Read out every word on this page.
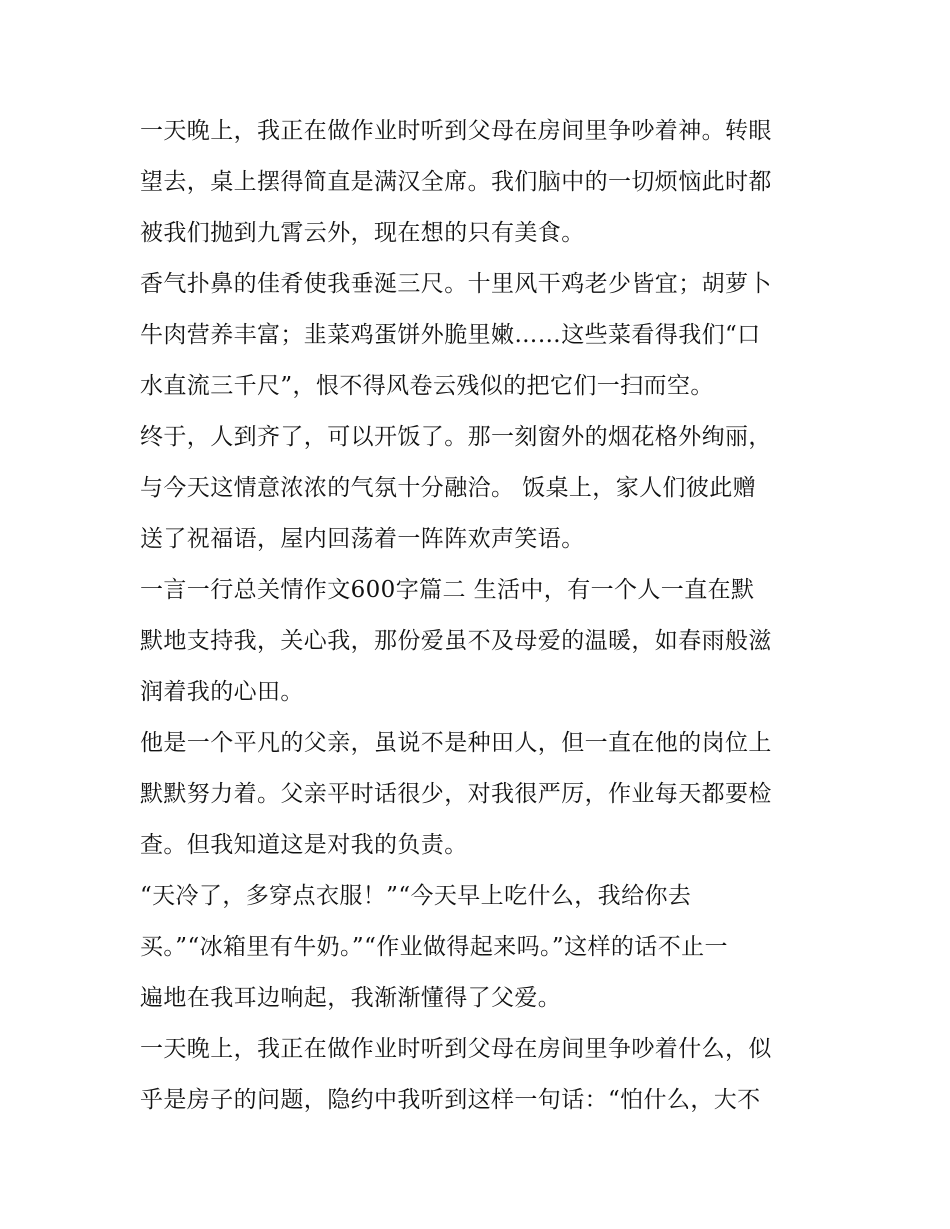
一天晚上，我正在做作业时听到父母在房间里争吵着神。转眼
望去，桌上摆得简直是满汉全席。我们脑中的一切烦恼此时都
被我们抛到九霄云外，现在想的只有美食。
香气扑鼻的佳肴使我垂涎三尺。十里风干鸡老少皆宜；胡萝卜
牛肉营养丰富；韭菜鸡蛋饼外脆里嫩……这些菜看得我们“口
水直流三千尺”，恨不得风卷云残似的把它们一扫而空。
终于，人到齐了，可以开饭了。那一刻窗外的烟花格外绚丽，
与今天这情意浓浓的气氛十分融洽。 饭桌上，家人们彼此赠
送了祝福语，屋内回荡着一阵阵欢声笑语。
一言一行总关情作文600字篇二 生活中，有一个人一直在默
默地支持我，关心我，那份爱虽不及母爱的温暖，如春雨般滋
润着我的心田。
他是一个平凡的父亲，虽说不是种田人，但一直在他的岗位上
默默努力着。父亲平时话很少，对我很严厉，作业每天都要检
查。但我知道这是对我的负责。
“天冷了，多穿点衣服！”“今天早上吃什么，我给你去
买。”“冰箱里有牛奶。”“作业做得起来吗。”这样的话不止一
遍地在我耳边响起，我渐渐懂得了父爱。
一天晚上，我正在做作业时听到父母在房间里争吵着什么，似
乎是房子的问题，隐约中我听到这样一句话：“怕什么，大不
